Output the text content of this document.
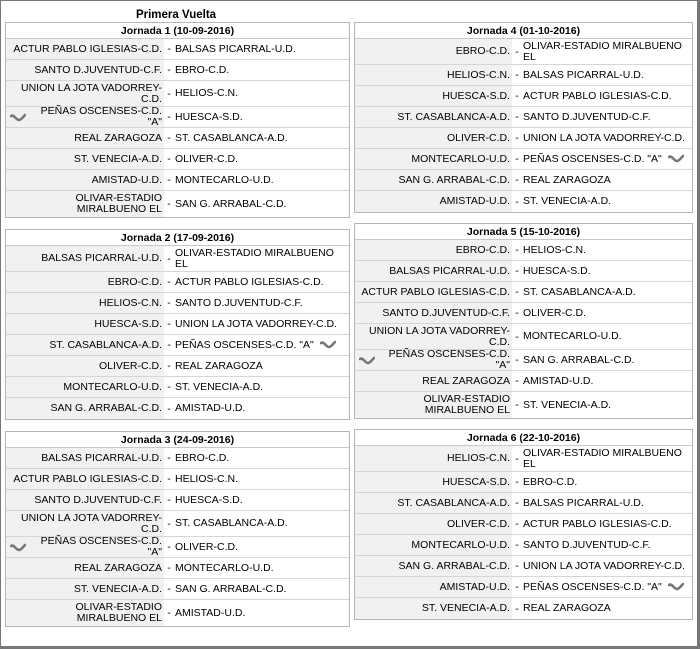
Primera Vuelta
Jornada 1 (10-09-2016)
ACTUR PABLO IGLESIAS-C.D. - BALSAS PICARRAL-U.D.
SANTO D.JUVENTUD-C.F. - EBRO-C.D.
UNION LA JOTA VADORREY-C.D. - HELIOS-C.N.
PEÑAS OSCENSES-C.D. "A" - HUESCA-S.D.
REAL ZARAGOZA - ST. CASABLANCA-A.D.
ST. VENECIA-A.D. - OLIVER-C.D.
AMISTAD-U.D. - MONTECARLO-U.D.
OLIVAR-ESTADIO MIRALBUENO EL - SAN G. ARRABAL-C.D.
Jornada 2 (17-09-2016)
BALSAS PICARRAL-U.D. - OLIVAR-ESTADIO MIRALBUENO EL
EBRO-C.D. - ACTUR PABLO IGLESIAS-C.D.
HELIOS-C.N. - SANTO D.JUVENTUD-C.F.
HUESCA-S.D. - UNION LA JOTA VADORREY-C.D.
ST. CASABLANCA-A.D. - PEÑAS OSCENSES-C.D. "A"
OLIVER-C.D. - REAL ZARAGOZA
MONTECARLO-U.D. - ST. VENECIA-A.D.
SAN G. ARRABAL-C.D. - AMISTAD-U.D.
Jornada 3 (24-09-2016)
BALSAS PICARRAL-U.D. - EBRO-C.D.
ACTUR PABLO IGLESIAS-C.D. - HELIOS-C.N.
SANTO D.JUVENTUD-C.F. - HUESCA-S.D.
UNION LA JOTA VADORREY-C.D. - ST. CASABLANCA-A.D.
PEÑAS OSCENSES-C.D. "A" - OLIVER-C.D.
REAL ZARAGOZA - MONTECARLO-U.D.
ST. VENECIA-A.D. - SAN G. ARRABAL-C.D.
OLIVAR-ESTADIO MIRALBUENO EL - AMISTAD-U.D.
Jornada 4 (01-10-2016)
EBRO-C.D. - OLIVAR-ESTADIO MIRALBUENO EL
HELIOS-C.N. - BALSAS PICARRAL-U.D.
HUESCA-S.D. - ACTUR PABLO IGLESIAS-C.D.
ST. CASABLANCA-A.D. - SANTO D.JUVENTUD-C.F.
OLIVER-C.D. - UNION LA JOTA VADORREY-C.D.
MONTECARLO-U.D. - PEÑAS OSCENSES-C.D. "A"
SAN G. ARRABAL-C.D. - REAL ZARAGOZA
AMISTAD-U.D. - ST. VENECIA-A.D.
Jornada 5 (15-10-2016)
EBRO-C.D. - HELIOS-C.N.
BALSAS PICARRAL-U.D. - HUESCA-S.D.
ACTUR PABLO IGLESIAS-C.D. - ST. CASABLANCA-A.D.
SANTO D.JUVENTUD-C.F. - OLIVER-C.D.
UNION LA JOTA VADORREY-C.D. - MONTECARLO-U.D.
PEÑAS OSCENSES-C.D. "A" - SAN G. ARRABAL-C.D.
REAL ZARAGOZA - AMISTAD-U.D.
OLIVAR-ESTADIO MIRALBUENO EL - ST. VENECIA-A.D.
Jornada 6 (22-10-2016)
HELIOS-C.N. - OLIVAR-ESTADIO MIRALBUENO EL
HUESCA-S.D. - EBRO-C.D.
ST. CASABLANCA-A.D. - BALSAS PICARRAL-U.D.
OLIVER-C.D. - ACTUR PABLO IGLESIAS-C.D.
MONTECARLO-U.D. - SANTO D.JUVENTUD-C.F.
SAN G. ARRABAL-C.D. - UNION LA JOTA VADORREY-C.D.
AMISTAD-U.D. - PEÑAS OSCENSES-C.D. "A"
ST. VENECIA-A.D. - REAL ZARAGOZA
